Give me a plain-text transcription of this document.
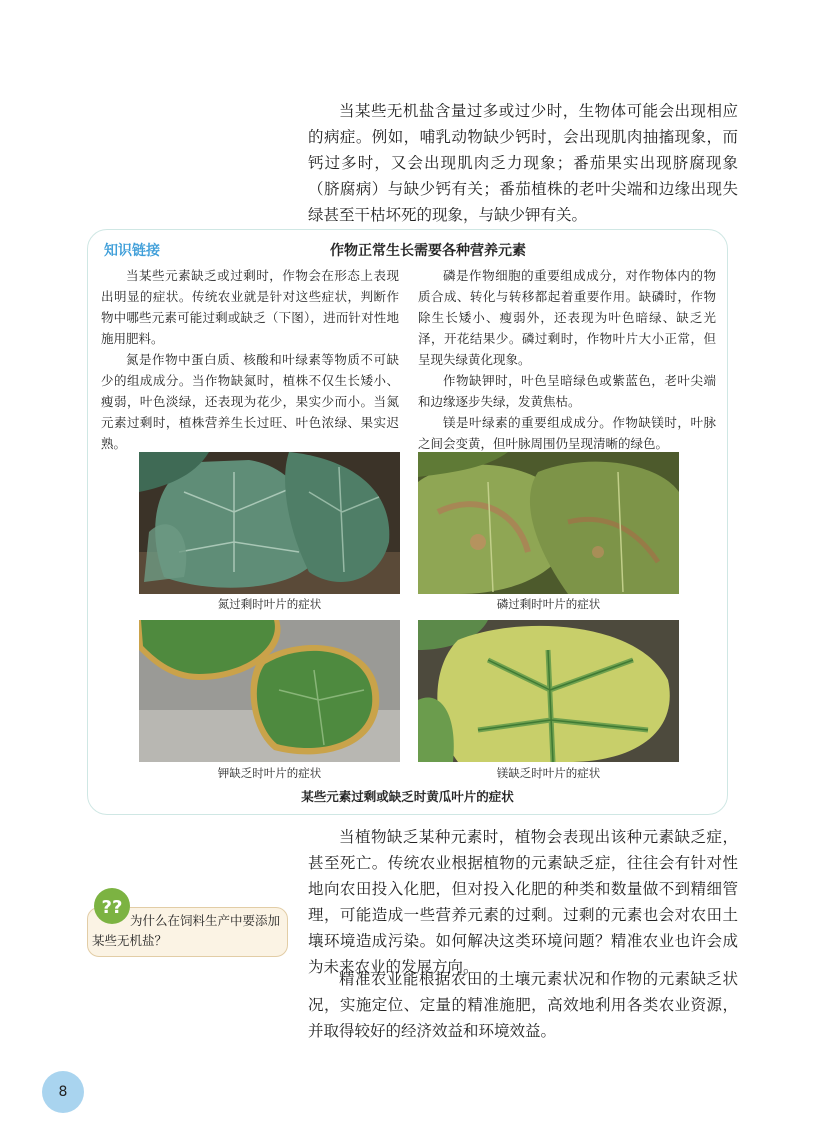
当某些无机盐含量过多或过少时，生物体可能会出现相应的病症。例如，哺乳动物缺少钙时，会出现肌肉抽搐现象，而钙过多时，又会出现肌肉乏力现象；番茄果实出现脐腐现象（脐腐病）与缺少钙有关；番茄植株的老叶尖端和边缘出现失绿甚至干枯坏死的现象，与缺少钾有关。

知识链接	作物正常生长需要各种营养元素

当某些元素缺乏或过剩时，作物会在形态上表现出明显的症状。传统农业就是针对这些症状，判断作物中哪些元素可能过剩或缺乏（下图），进而针对性地施用肥料。

氮是作物中蛋白质、核酸和叶绿素等物质不可缺少的组成成分。当作物缺氮时，植株不仅生长矮小、瘦弱，叶色淡绿，还表现为花少，果实少而小。当氮元素过剩时，植株营养生长过旺、叶色浓绿、果实迟熟。

磷是作物细胞的重要组成成分，对作物体内的物质合成、转化与转移都起着重要作用。缺磷时，作物除生长矮小、瘦弱外，还表现为叶色暗绿、缺乏光泽，开花结果少。磷过剩时，作物叶片大小正常，但呈现失绿黄化现象。

作物缺钾时，叶色呈暗绿色或紫蓝色，老叶尖端和边缘逐步失绿，发黄焦枯。

镁是叶绿素的重要组成成分。作物缺镁时，叶脉之间会变黄，但叶脉周围仍呈现清晰的绿色。

氮过剩时叶片的症状	磷过剩时叶片的症状
钾缺乏时叶片的症状	镁缺乏时叶片的症状
某些元素过剩或缺乏时黄瓜叶片的症状

当植物缺乏某种元素时，植物会表现出该种元素缺乏症，甚至死亡。传统农业根据植物的元素缺乏症，往往会有针对性地向农田投入化肥，但对投入化肥的种类和数量做不到精细管理，可能造成一些营养元素的过剩。过剩的元素也会对农田土壤环境造成污染。如何解决这类环境问题？精准农业也许会成为未来农业的发展方向。

精准农业能根据农田的土壤元素状况和作物的元素缺乏状况，实施定位、定量的精准施肥，高效地利用各类农业资源，并取得较好的经济效益和环境效益。

??
为什么在饲料生产中要添加某些无机盐？
8
